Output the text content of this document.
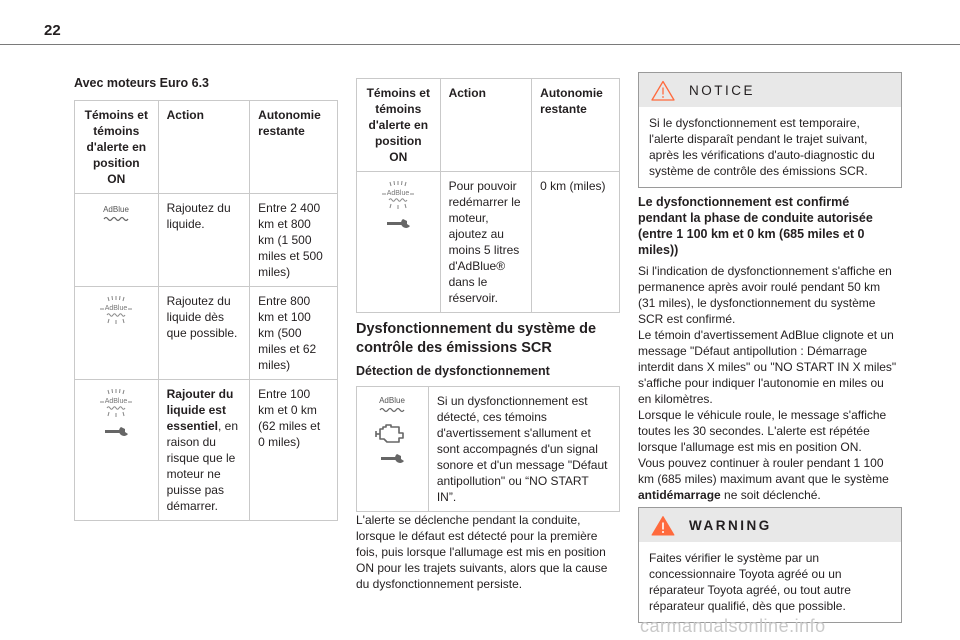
22
Avec moteurs Euro 6.3
Témoins et témoins d'alerte en position ON	Action	Autonomie restante

AdBlue	Rajoutez du liquide.	Entre 2 400 km et 800 km (1 500 miles et 500 miles)

AdBlue	Rajoutez du liquide dès que possible.	Entre 800 km et 100 km (500 miles et 62 miles)

AdBlue	Rajouter du liquide est essentiel, en raison du risque que le moteur ne puisse pas démarrer.	Entre 100 km et 0 km (62 miles et 0 miles)
Témoins et témoins d'alerte en position ON	Action	Autonomie restante

AdBlue	Pour pouvoir redémarrer le moteur, ajoutez au moins 5 litres d'AdBlue® dans le réservoir.	0 km (miles)
Dysfonctionnement du système de contrôle des émissions SCR
Détection de dysfonctionnement
AdBlue	Si un dysfonctionnement est détecté, ces témoins d'avertissement s'allument et sont accompagnés d'un signal sonore et d'un message "Défaut antipollution" ou “NO START IN”.
L'alerte se déclenche pendant la conduite, lorsque le défaut est détecté pour la première fois, puis lorsque l'allumage est mis en position ON pour les trajets suivants, alors que la cause du dysfonctionnement persiste.
NOTICE
Si le dysfonctionnement est temporaire, l'alerte disparaît pendant le trajet suivant, après les vérifications d'auto-diagnostic du système de contrôle des émissions SCR.
Le dysfonctionnement est confirmé pendant la phase de conduite autorisée (entre 1 100 km et 0 km (685 miles et 0 miles))
Si l'indication de dysfonctionnement s'affiche en permanence après avoir roulé pendant 50 km (31 miles), le dysfonctionnement du système SCR est confirmé.
Le témoin d'avertissement AdBlue clignote et un message "Défaut antipollution : Démarrage interdit dans X miles" ou "NO START IN X miles" s'affiche pour indiquer l'autonomie en miles ou en kilomètres.
Lorsque le véhicule roule, le message s'affiche toutes les 30 secondes. L'alerte est répétée lorsque l'allumage est mis en position ON.
Vous pouvez continuer à rouler pendant 1 100 km (685 miles) maximum avant que le système antidémarrage ne soit déclenché.
WARNING
Faites vérifier le système par un concessionnaire Toyota agréé ou un réparateur Toyota agréé, ou tout autre réparateur qualifié, dès que possible.
carmanualsonline.info
